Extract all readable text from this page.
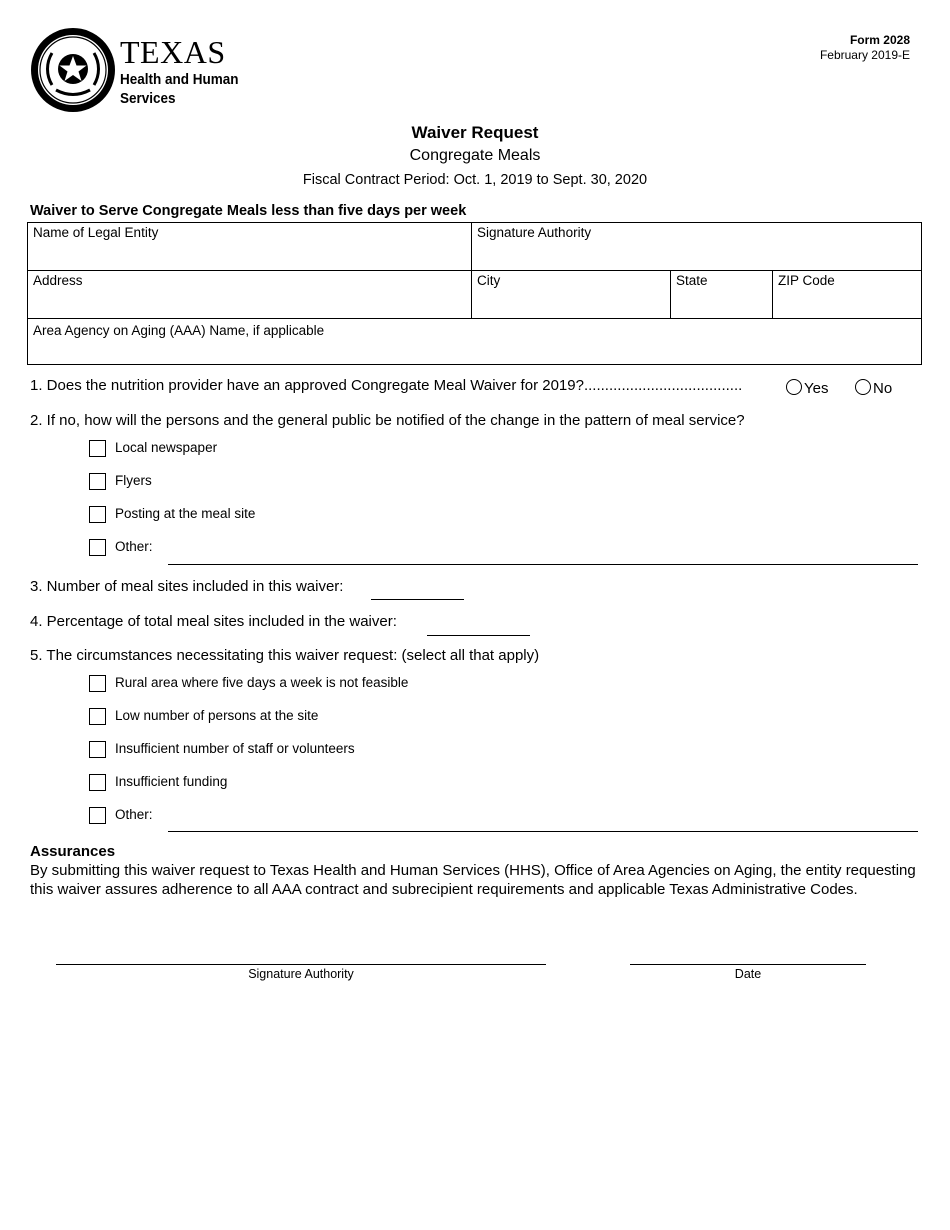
TEXAS
Health and Human
Services
Form 2028
February 2019-E
Waiver Request
Congregate Meals
Fiscal Contract Period: Oct. 1, 2019 to Sept. 30, 2020
Waiver to Serve Congregate Meals less than five days per week
Name of Legal Entity	Signature Authority
Address	City	State	ZIP Code
Area Agency on Aging (AAA) Name, if applicable
1. Does the nutrition provider have an approved Congregate Meal Waiver for 2019?......................................	Yes	No
2. If no, how will the persons and the general public be notified of the change in the pattern of meal service?
Local newspaper
Flyers
Posting at the meal site
Other:
3. Number of meal sites included in this waiver:
4. Percentage of total meal sites included in the waiver:
5. The circumstances necessitating this waiver request: (select all that apply)
Rural area where five days a week is not feasible
Low number of persons at the site
Insufficient number of staff or volunteers
Insufficient funding
Other:
Assurances
By submitting this waiver request to Texas Health and Human Services (HHS), Office of Area Agencies on Aging, the entity requesting this waiver assures adherence to all AAA contract and subrecipient requirements and applicable Texas Administrative Codes.
Signature Authority	Date
